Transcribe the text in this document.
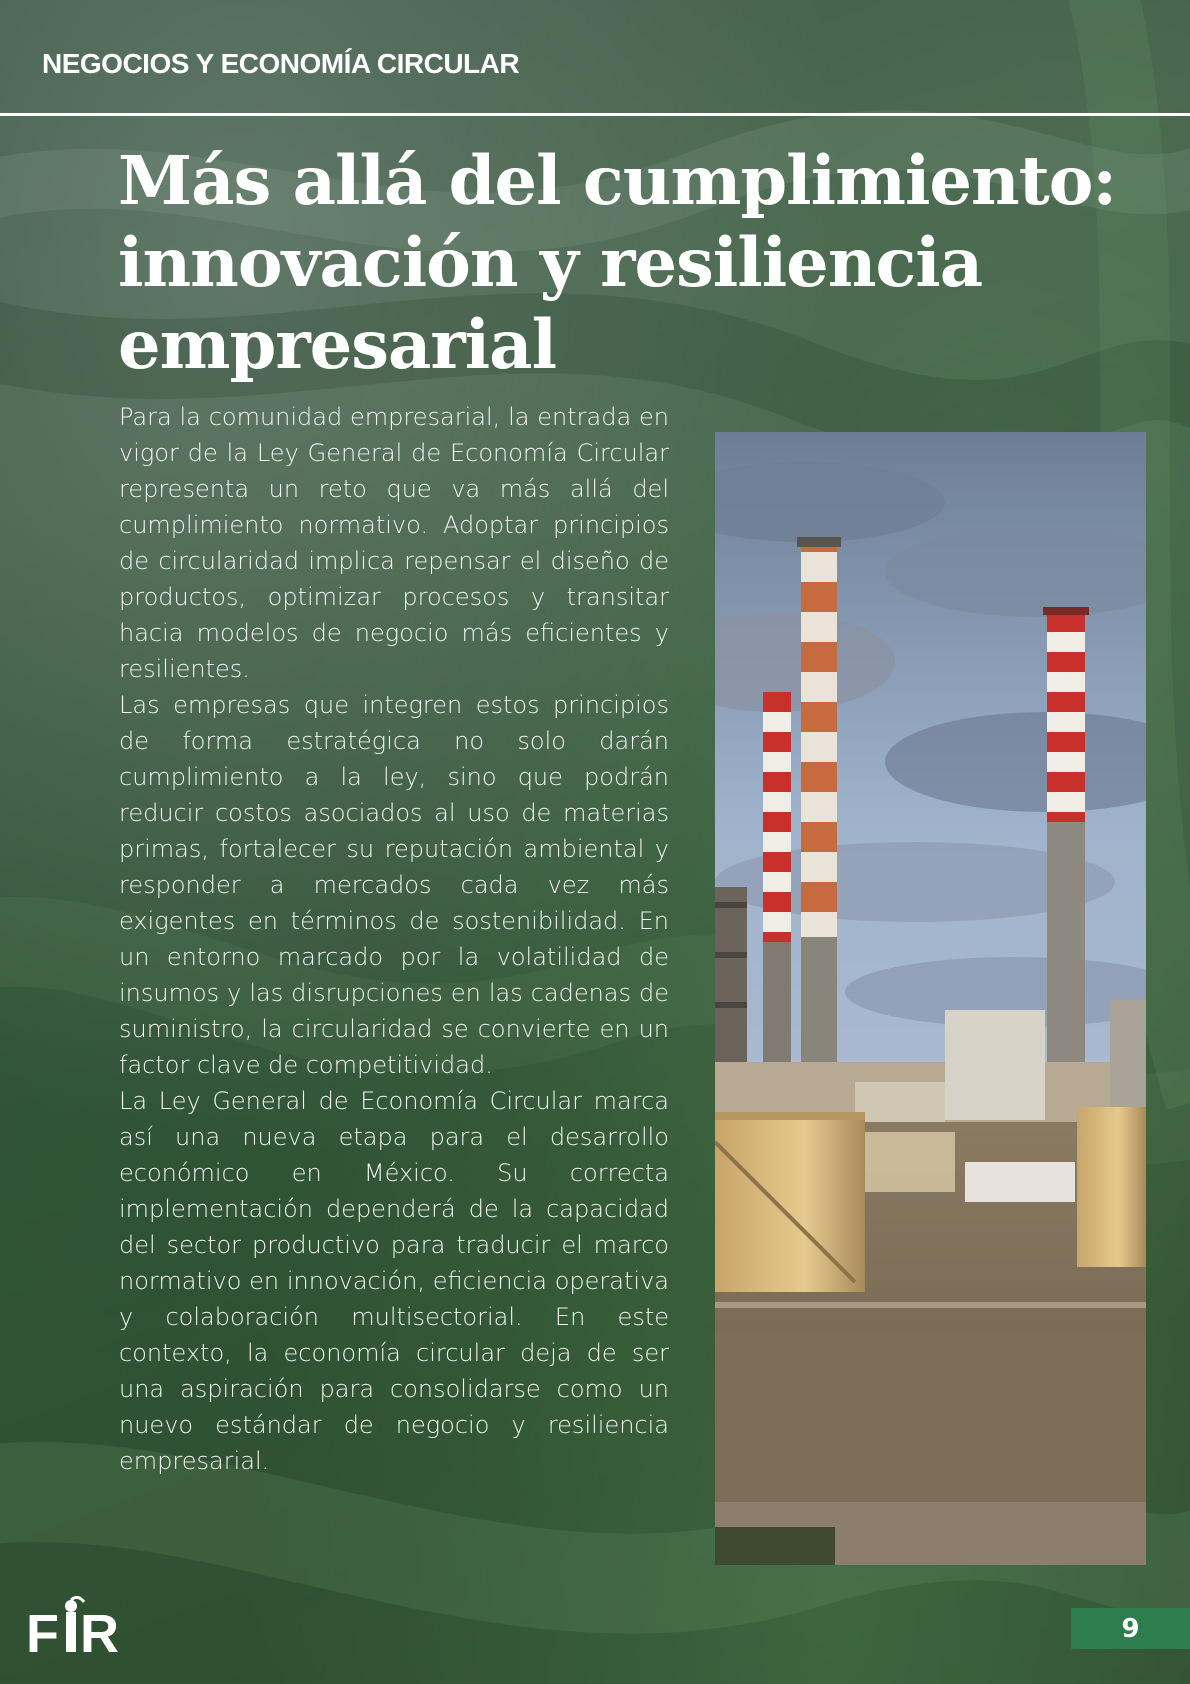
NEGOCIOS Y ECONOMÍA CIRCULAR
Más allá del cumplimiento: innovación y resiliencia empresarial

Para la comunidad empresarial, la entrada en vigor de la Ley General de Economía Circular representa un reto que va más allá del cumplimiento normativo. Adoptar principios de circularidad implica repensar el diseño de productos, optimizar procesos y transitar hacia modelos de negocio más eficientes y resilientes.

Las empresas que integren estos principios de forma estratégica no solo darán cumplimiento a la ley, sino que podrán reducir costos asociados al uso de materias primas, fortalecer su reputación ambiental y responder a mercados cada vez más exigentes en términos de sostenibilidad. En un entorno marcado por la volatilidad de insumos y las disrupciones en las cadenas de suministro, la circularidad se convierte en un factor clave de competitividad.

La Ley General de Economía Circular marca así una nueva etapa para el desarrollo económico en México. Su correcta implementación dependerá de la capacidad del sector productivo para traducir el marco normativo en innovación, eficiencia operativa y colaboración multisectorial. En este contexto, la economía circular deja de ser una aspiración para consolidarse como un nuevo estándar de negocio y resiliencia empresarial.

F R	9
